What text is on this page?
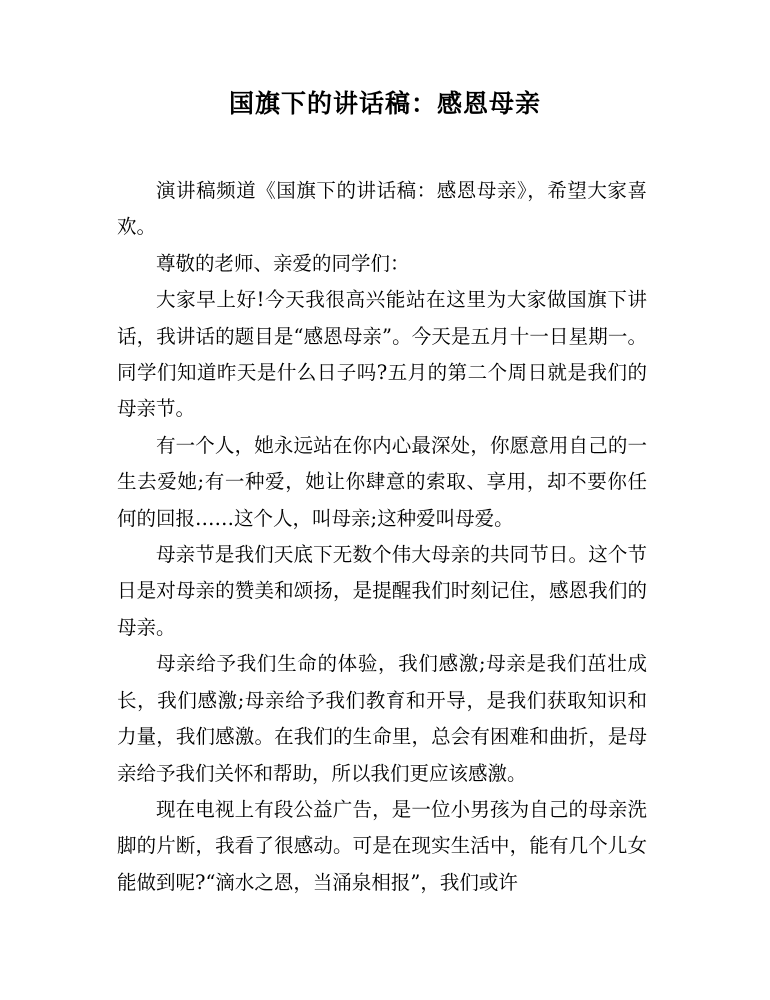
国旗下的讲话稿：感恩母亲

演讲稿频道《国旗下的讲话稿：感恩母亲》，希望大家喜欢。

尊敬的老师、亲爱的同学们：

大家早上好!今天我很高兴能站在这里为大家做国旗下讲话，我讲话的题目是“感恩母亲”。今天是五月十一日星期一。同学们知道昨天是什么日子吗?五月的第二个周日就是我们的母亲节。

有一个人，她永远站在你内心最深处，你愿意用自己的一生去爱她;有一种爱，她让你肆意的索取、享用，却不要你任何的回报……这个人，叫母亲;这种爱叫母爱。

母亲节是我们天底下无数个伟大母亲的共同节日。这个节日是对母亲的赞美和颂扬，是提醒我们时刻记住，感恩我们的母亲。

母亲给予我们生命的体验，我们感激;母亲是我们茁壮成长，我们感激;母亲给予我们教育和开导，是我们获取知识和力量，我们感激。在我们的生命里，总会有困难和曲折，是母亲给予我们关怀和帮助，所以我们更应该感激。

现在电视上有段公益广告，是一位小男孩为自己的母亲洗脚的片断，我看了很感动。可是在现实生活中，能有几个儿女能做到呢?“滴水之恩，当涌泉相报”，我们或许
